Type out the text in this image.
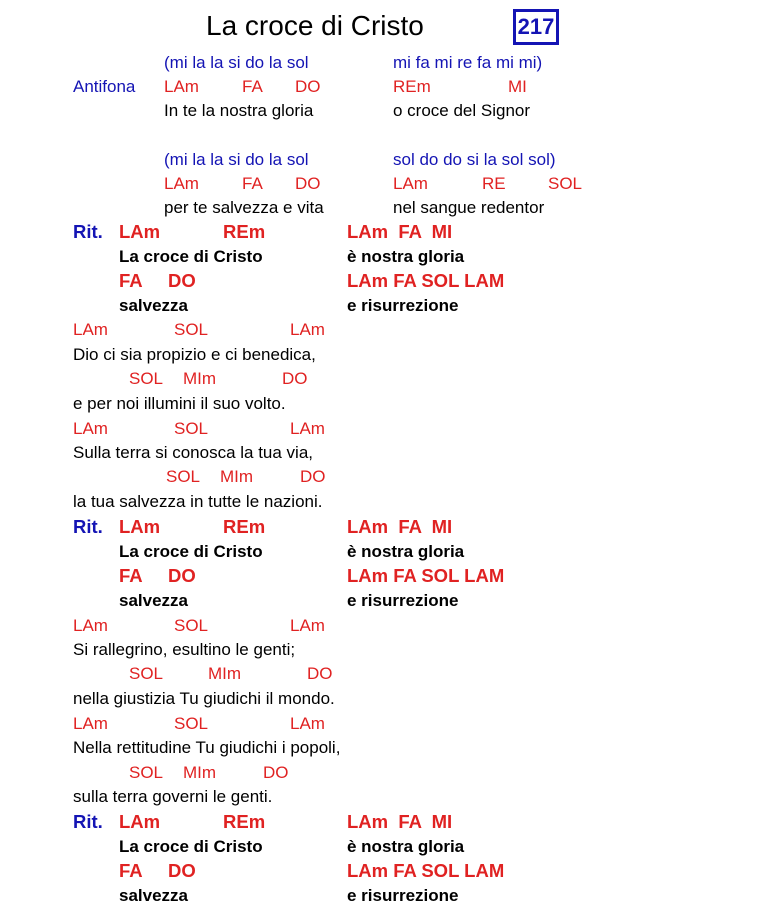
La croce di Cristo	217
(mi la la si do la sol	mi fa mi re fa mi mi)
Antifona LAm	FA DO	REm	MI
In te la nostra gloria	o croce del Signor
(mi la la si do la sol	sol do do si la sol sol)
LAm	FA DO	LAm	RE SOL
per te salvezza e vita	nel sangue redentor
Rit. LAm	REm	LAm  FA  MI
La croce di Cristo	è nostra gloria
FA DO	LAm FA SOL LAM
salvezza	e risurrezione
LAm	SOL	LAm
Dio ci sia propizio e ci benedica,
SOL MIm	DO
e per noi illumini il suo volto.
LAm	SOL	LAm
Sulla terra si conosca la tua via,
SOL MIm	DO
la tua salvezza in tutte le nazioni.
Rit. LAm	REm	LAm  FA  MI
La croce di Cristo	è nostra gloria
FA DO	LAm FA SOL LAM
salvezza	e risurrezione
LAm	SOL	LAm
Si rallegrino, esultino le genti;
SOL	MIm	DO
nella giustizia Tu giudichi il mondo.
LAm	SOL	LAm
Nella rettitudine Tu giudichi i popoli,
SOL MIm	DO
sulla terra governi le genti.
Rit. LAm	REm	LAm  FA  MI
La croce di Cristo	è nostra gloria
FA DO	LAm FA SOL LAM
salvezza	e risurrezione
